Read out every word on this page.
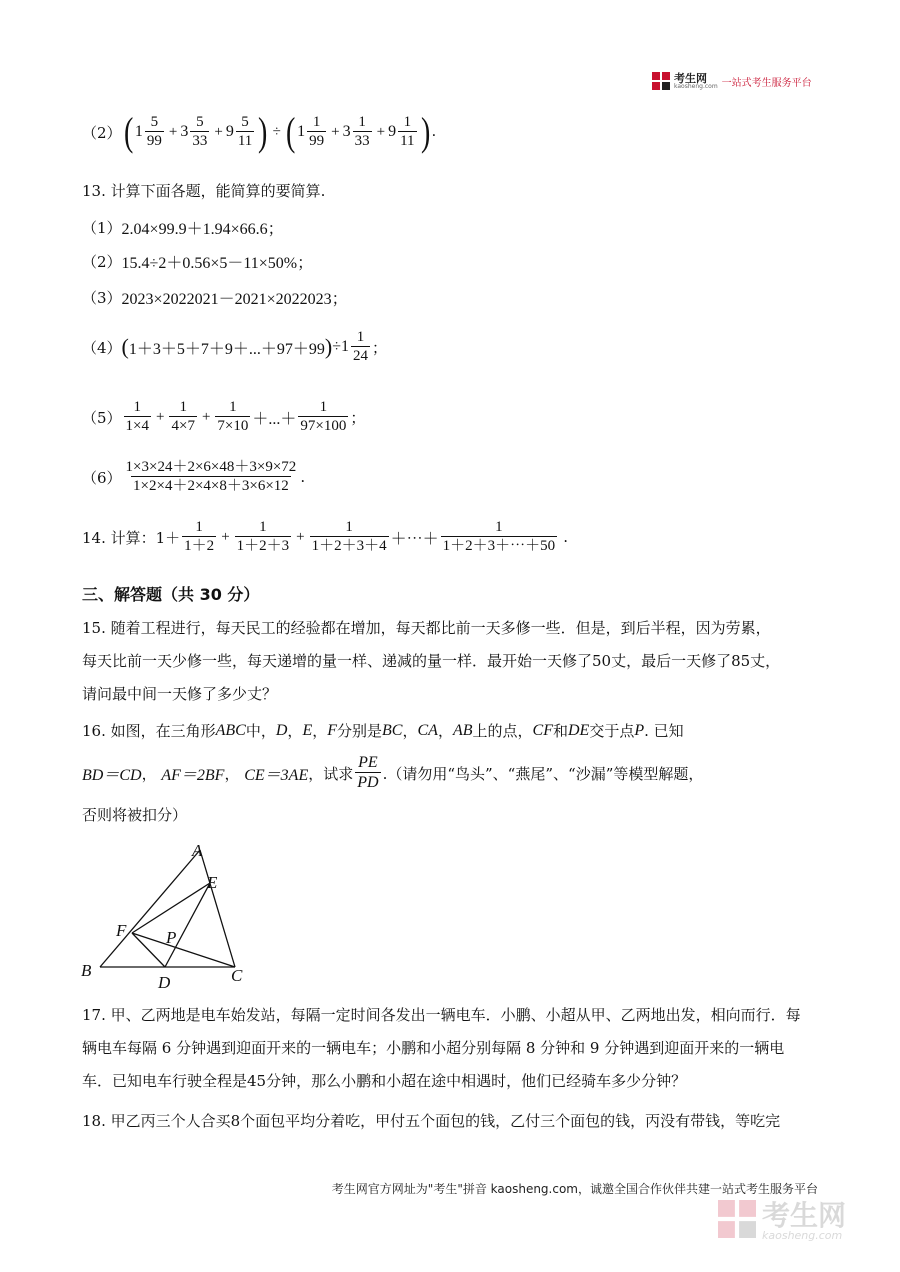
考生网
kaosheng.com 一站式考生服务平台
（2） ( $1 \frac{5}{99} + 3 \frac{5}{33} + 9 \frac{5}{11}$ ) ÷ ( $1 \frac{1}{99} + 3 \frac{1}{33} + 9 \frac{1}{11}$ ) .
13. 计算下面各题，能简算的要简算.
（1） 2.04×99.9＋1.94×66.6；
（2） 15.4÷2＋0.56×5－11×50%；
（3） 2023×2022021－2021×2022023；
（4） ( 1＋3＋5＋7＋9＋...＋97＋99 ) $\div 1 \frac{1}{24}$ ；
$(5) \frac{1}{1\times 4} + \frac{1}{4\times 7} + \frac{1}{7\times 10}$ ＋...＋ $\frac{1}{97\times 100}$ ；
$(6) \frac{1\times 3\times 24+2\times 6\times 48+3\times 9\times 72}{1\times 2\times 4+2\times 4\times 8+3\times 6\times 12}$ .
14. 计算：$1+ \frac{1}{1+2} + \frac{1}{1+2+3} + \frac{1}{1+2+3+4}$ ＋⋯＋ $\frac{1}{1+2+3+\cdots+50}$ .
三、解答题（共 30 分）
15. 随着工程进行，每天民工的经验都在增加，每天都比前一天多修一些．但是，到后半程，因为劳累，
每天比前一天少修一些，每天递增的量一样、递减的量一样．最开始一天修了50丈，最后一天修了85丈，
请问最中间一天修了多少丈？
16. 如图，在三角形 ABC 中， D ， E ， F 分别是 BC ， CA ， AB 上的点， CF 和 DE 交于点 P . 已知
BD＝CD ， AF＝2BF ， CE＝3AE ，试求 $\frac{PE}{PD}$ .（请勿用“鸟头”、“燕尾”、“沙漏”等模型解题，
否则将被扣分）
A
E
F P
B
D	C
17. 甲、乙两地是电车始发站，每隔一定时间各发出一辆电车．小鹏、小超从甲、乙两地出发，相向而行．每
辆电车每隔 6 分钟遇到迎面开来的一辆电车；小鹏和小超分别每隔 8 分钟和 9 分钟遇到迎面开来的一辆电
车．已知电车行驶全程是45分钟，那么小鹏和小超在途中相遇时，他们已经骑车多少分钟？
18. 甲乙丙三个人合买8个面包平均分着吃，甲付五个面包的钱，乙付三个面包的钱，丙没有带钱，等吃完
考生网官方网址为"考生"拼音 kaosheng.com，诚邀全国合作伙伴共建一站式考生服务平台
考生网
kaosheng.com
